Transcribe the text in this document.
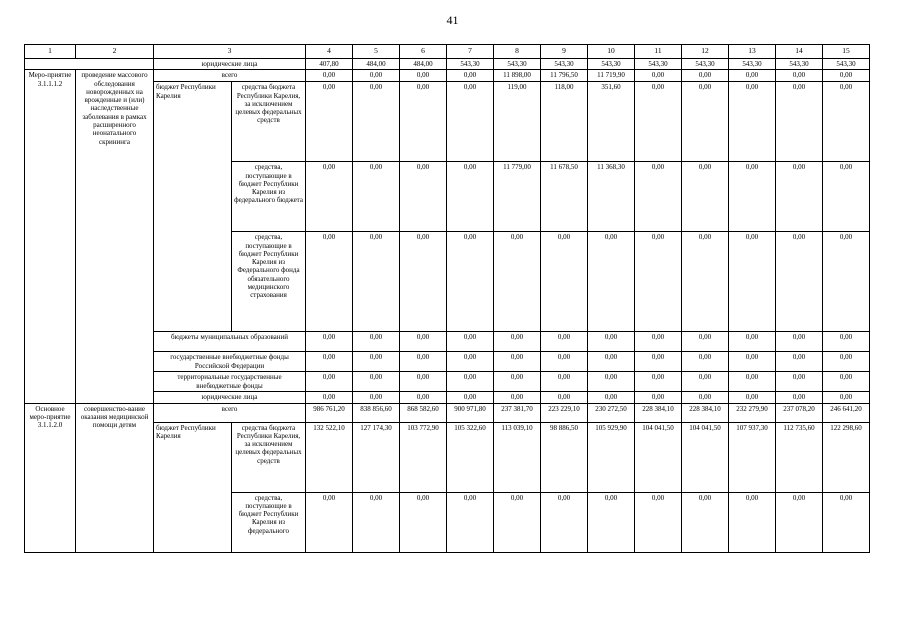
41
1	2	3		4	5	6	7	8	9	10	11	12	13	14	15
		юридические лица		407,80	484,00	484,00	543,30	543,30	543,30	543,30	543,30	543,30	543,30	543,30	543,30
Меро-приятие 3.1.1.1.2	проведение массового обследования новорожденных на врожденные и (или) наследственные заболевания в рамках расширенного неонатального скрининга	всего		0,00	0,00	0,00	0,00	11 898,00	11 796,50	11 719,90	0,00	0,00	0,00	0,00	0,00
		бюджет Республики Карелия	средства бюджета Республики Карелия, за исключением целевых федеральных средств	0,00	0,00	0,00	0,00	119,00	118,00	351,60	0,00	0,00	0,00	0,00	0,00
			средства, поступающие в бюджет Республики Карелия из федерального бюджета	0,00	0,00	0,00	0,00	11 779,00	11 678,50	11 368,30	0,00	0,00	0,00	0,00	0,00
			средства, поступающие в бюджет Республики Карелия из Федерального фонда обязательного медицинского страхования	0,00	0,00	0,00	0,00	0,00	0,00	0,00	0,00	0,00	0,00	0,00	0,00
		бюджеты муниципальных образований		0,00	0,00	0,00	0,00	0,00	0,00	0,00	0,00	0,00	0,00	0,00	0,00
		государственные внебюджетные фонды Российской Федерации		0,00	0,00	0,00	0,00	0,00	0,00	0,00	0,00	0,00	0,00	0,00	0,00
		территориальные государственные внебюджетные фонды		0,00	0,00	0,00	0,00	0,00	0,00	0,00	0,00	0,00	0,00	0,00	0,00
		юридические лица		0,00	0,00	0,00	0,00	0,00	0,00	0,00	0,00	0,00	0,00	0,00	0,00
Основное меро-приятие 3.1.1.2.0	совершенство-вание оказания медицинской помощи детям	всего		986 761,20	838 856,60	868 582,60	900 971,80	237 381,70	223 229,10	230 272,50	228 384,10	228 384,10	232 279,90	237 078,20	246 641,20
		бюджет Республики Карелия	средства бюджета Республики Карелия, за исключением целевых федеральных средств	132 522,10	127 174,30	103 772,90	105 322,60	113 039,10	98 886,50	105 929,90	104 041,50	104 041,50	107 937,30	112 735,60	122 298,60
			средства, поступающие в бюджет Республики Карелия из федерального	0,00	0,00	0,00	0,00	0,00	0,00	0,00	0,00	0,00	0,00	0,00	0,00
